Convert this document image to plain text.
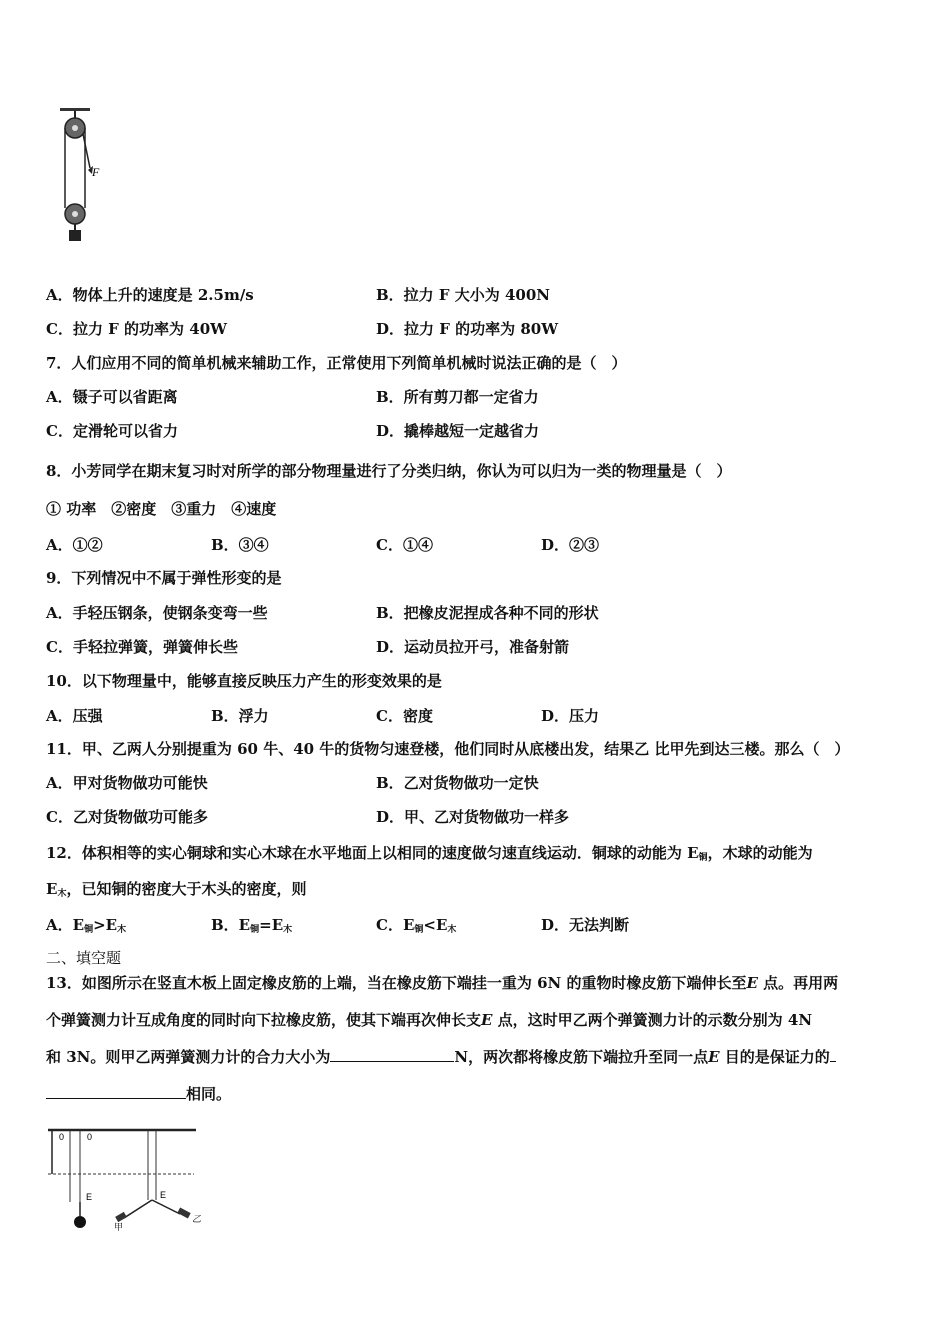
F
A．物体上升的速度是 2.5m/s	B．拉力 F 大小为 400N
C．拉力 F 的功率为 40W	D．拉力 F 的功率为 80W
7．人们应用不同的简单机械来辅助工作，正常使用下列简单机械时说法正确的是（　）
A．镊子可以省距离	B．所有剪刀都一定省力
C．定滑轮可以省力	D．撬棒越短一定越省力
8．小芳同学在期末复习时对所学的部分物理量进行了分类归纳，你认为可以归为一类的物理量是（　）
① 功率　②密度　③重力　④速度
A．①②	B．③④	C．①④	D．②③
9．下列情况中不属于弹性形变的是
A．手轻压钢条，使钢条变弯一些	B．把橡皮泥捏成各种不同的形状
C．手轻拉弹簧，弹簧伸长些	D．运动员拉开弓，准备射箭
10．以下物理量中，能够直接反映压力产生的形变效果的是
A．压强	B．浮力	C．密度	D．压力
11．甲、乙两人分别提重为 60 牛、40 牛的货物匀速登楼，他们同时从底楼出发，结果乙 比甲先到达三楼。那么（　）
A．甲对货物做功可能快	B．乙对货物做功一定快
C．乙对货物做功可能多	D．甲、乙对货物做功一样多
12．体积相等的实心铜球和实心木球在水平地面上以相同的速度做匀速直线运动．铜球的动能为 $E_铜$，木球的动能为
$E_木$，已知铜的密度大于木头的密度，则
A．$E_铜>E_木$	B．$E_铜=E_木$	C．$E_铜<E_木$	D．无法判断
二、填空题
13．如图所示在竖直木板上固定橡皮筋的上端，当在橡皮筋下端挂一重为 6N 的重物时橡皮筋下端伸长至E 点。再用两
个弹簧测力计互成角度的同时向下拉橡皮筋，使其下端再次伸长支E 点，这时甲乙两个弹簧测力计的示数分别为 4N
和 3N。则甲乙两弹簧测力计的合力大小为	N，两次都将橡皮筋下端拉升至同一点E 目的是保证力的
相同。
0	0
E	E
甲
乙
